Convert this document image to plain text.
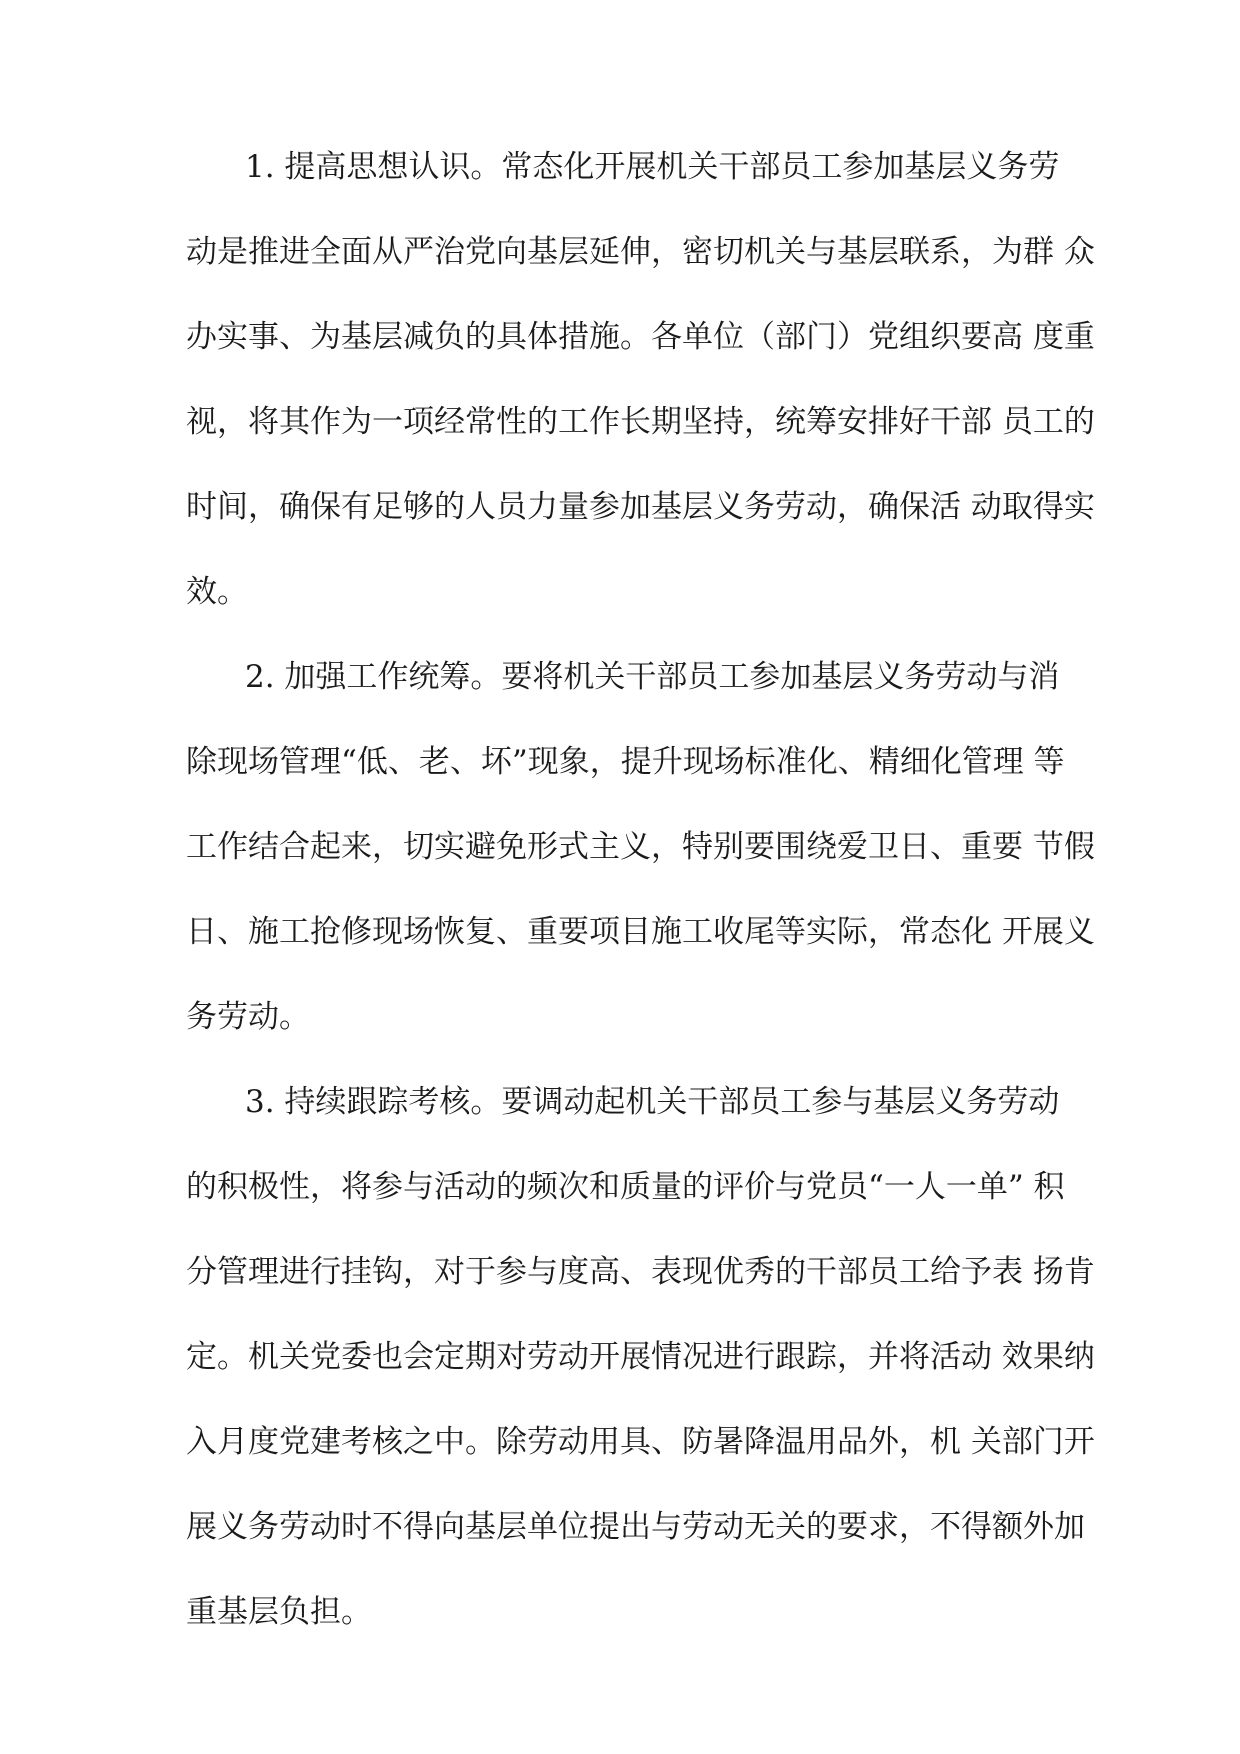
1. 提高思想认识。常态化开展机关干部员工参加基层义务劳
动是推进全面从严治党向基层延伸，密切机关与基层联系，为群 众
办实事、为基层减负的具体措施。各单位（部门）党组织要高 度重
视，将其作为一项经常性的工作长期坚持，统筹安排好干部 员工的
时间，确保有足够的人员力量参加基层义务劳动，确保活 动取得实
效。
2. 加强工作统筹。要将机关干部员工参加基层义务劳动与消
除现场管理“低、老、坏”现象，提升现场标准化、精细化管理 等
工作结合起来，切实避免形式主义，特别要围绕爱卫日、重要 节假
日、施工抢修现场恢复、重要项目施工收尾等实际，常态化 开展义
务劳动。
3. 持续跟踪考核。要调动起机关干部员工参与基层义务劳动
的积极性，将参与活动的频次和质量的评价与党员“一人一单” 积
分管理进行挂钩，对于参与度高、表现优秀的干部员工给予表 扬肯
定。机关党委也会定期对劳动开展情况进行跟踪，并将活动 效果纳
入月度党建考核之中。除劳动用具、防暑降温用品外，机 关部门开
展义务劳动时不得向基层单位提出与劳动无关的要求，不得额外加
重基层负担。
